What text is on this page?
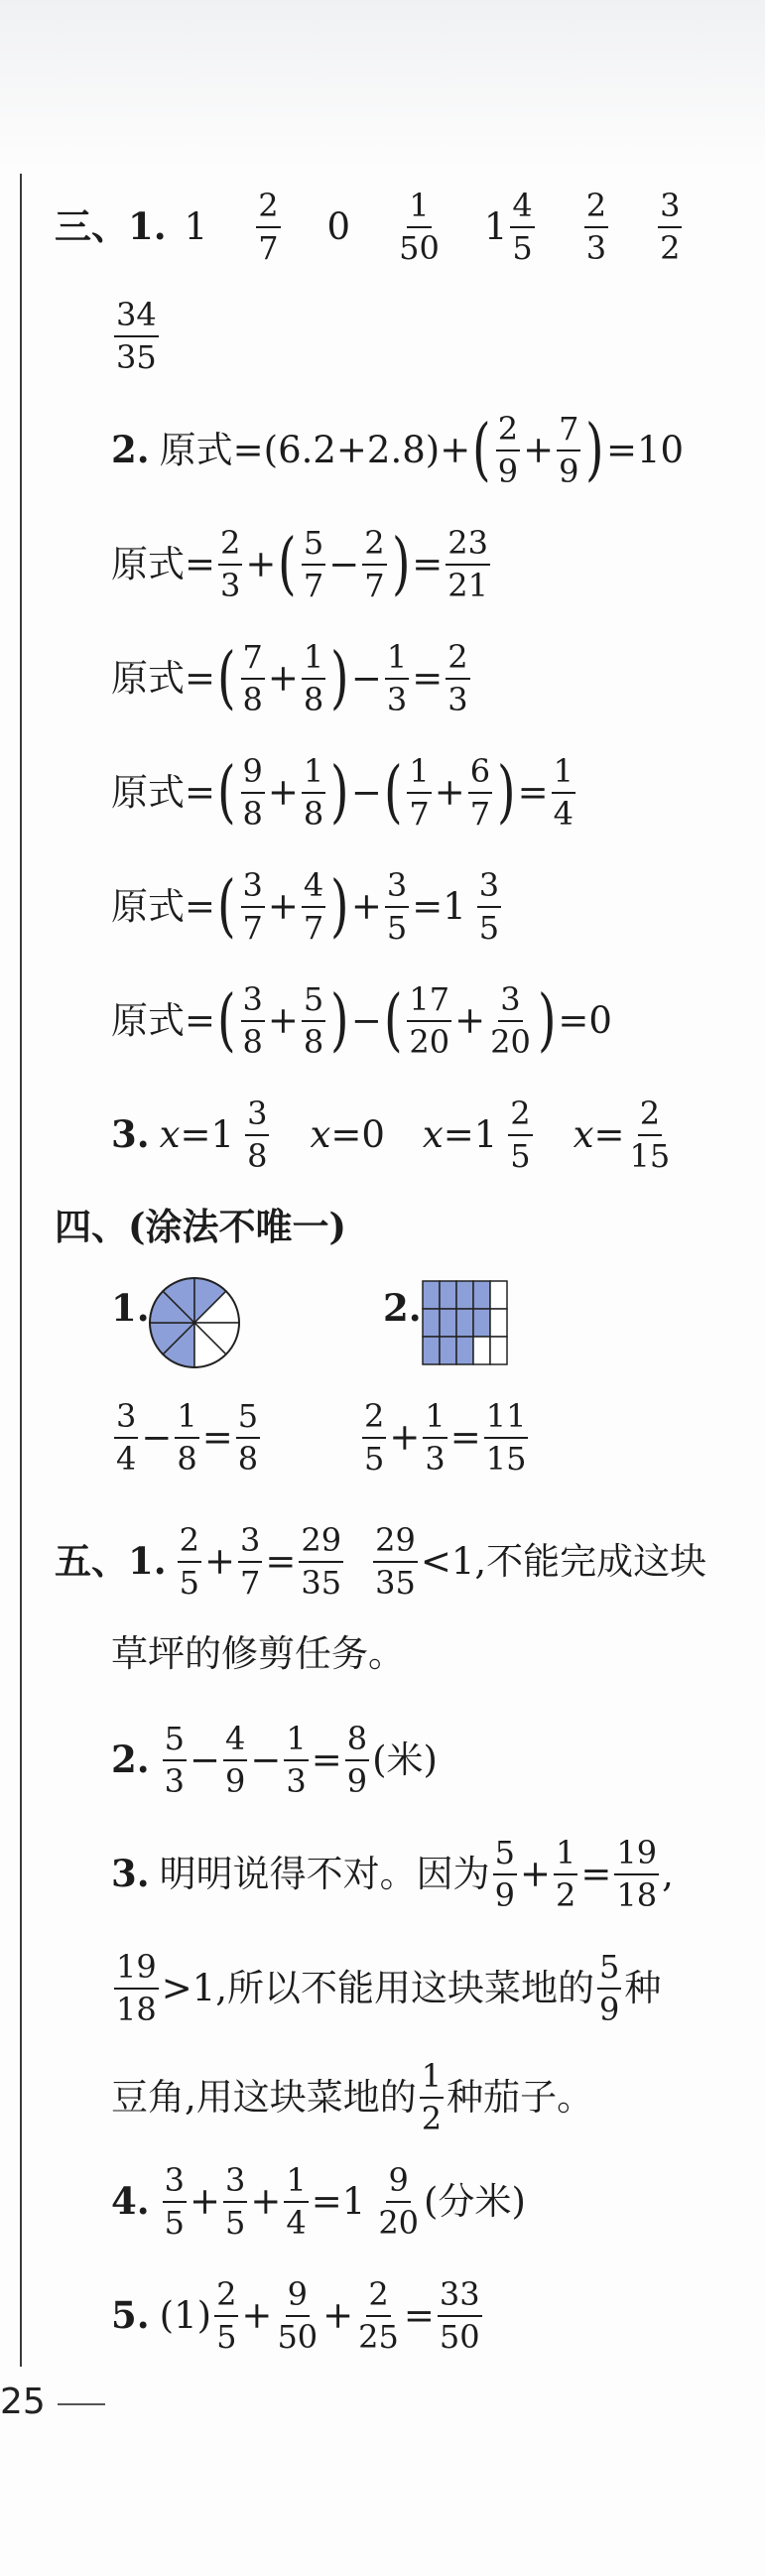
三、 1. $1 \frac{2}{7} 0 \frac{1}{50} 1 \frac{4}{5} \frac{2}{3} \frac{3}{2}$
$\frac{34}{35}$
2. 原式 =(6.2+2.8)+ ( $\frac{2}{9} + \frac{7}{9}$ ) =10
原式 = $\frac{2}{3}$ + ( $\frac{5}{7} - \frac{2}{7}$ ) = $\frac{23}{21}$
原式 = ( $\frac{7}{8} + \frac{1}{8}$ ) − $\frac{1}{3} = \frac{2}{3}$
原式 = ( $\frac{9}{8} + \frac{1}{8}$ ) − ( $\frac{1}{7} + \frac{6}{7}$ ) = $\frac{1}{4}$
原式 = ( $\frac{3}{7} + \frac{4}{7}$ ) + $\frac{3}{5} = 1 \frac{3}{5}$
原式 = ( $\frac{3}{8} + \frac{5}{8}$ ) − ( $\frac{17}{20} + \frac{3}{20}$ ) =0
3. $x = 1 \frac{3}{8}$ x =0 $x = 1 \frac{2}{5}$ $x = \frac{2}{15}$
四、(涂法不唯一)
1.	2.
$\frac{3}{4} - \frac{1}{8} = \frac{5}{8}$	$\frac{2}{5} + \frac{1}{3} = \frac{11}{15}$
五、 1. $\frac{2}{5} + \frac{3}{7} = \frac{29}{35} \frac{29}{35} <1$,不能完成这块
草坪的修剪任务。
2. $\frac{5}{3} - \frac{4}{9} - \frac{1}{3} = \frac{8}{9}$ (米)
3. 明明说得不对。因为 $\frac{5}{9} + \frac{1}{2} = \frac{19}{18}$ ,
$\frac{19}{18} >1$,所以不能用这块菜地的 $\frac{5}{9}$ 种
豆角,用这块菜地的 $\frac{1}{2}$ 种茄子。
4. $\frac{3}{5} + \frac{3}{5} + \frac{1}{4} = 1 \frac{9}{20}$ (分米)
5. $(1) \frac{2}{5} + \frac{9}{50} + \frac{2}{25} = \frac{33}{50}$
25
